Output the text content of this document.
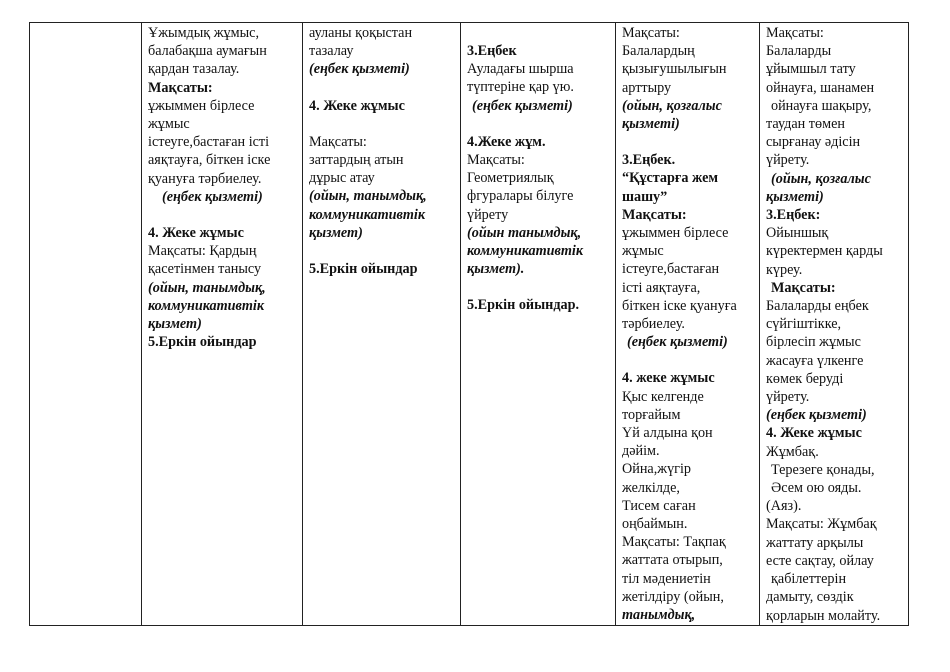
Ұжымдық жұмыс,
балабақша аумағын
қардан тазалау.
Мақсаты:
ұжыммен бірлесе
жұмыс
істеуге,бастаған істі
аяқтауға, біткен іске
қуануға тәрбиелеу.
(еңбек қызметі)
4. Жеке жұмыс
Мақсаты: Қардың
қасетінмен танысу
(ойын, танымдық,
коммуникативтік
қызмет)
5.Еркін ойындар

ауланы қоқыстан
тазалау
(еңбек қызметі)
4. Жеке жұмыс
Мақсаты:
заттардың атын
дұрыс атау
(ойын, танымдық,
коммуникативтік
қызмет)
5.Еркін ойындар

3.Еңбек
Ауладағы шырша
түптеріне қар үю.
(еңбек қызметі)
4.Жеке жұм.
Мақсаты:
Геометриялық
фгуралары білуге
үйрету
(ойын танымдық,
коммуникативтік
қызмет).
5.Еркін ойындар.

Мақсаты:
Балалардың
қызығушылығын
арттыру
(ойын, қозғалыс
қызметі)
3.Еңбек.
“Құстарға жем
шашу”
Мақсаты:
ұжыммен бірлесе
жұмыс
істеуге,бастаған
істі аяқтауға,
біткен іске қуануға
тәрбиелеу.
(еңбек қызметі)
4. жеке жұмыс
Қыс келгенде
торғайым
Үй алдына қон
дәйім.
Ойна,жүгір
желкілде,
Тисем саған
оңбаймын.
Мақсаты: Тақпақ
жаттата отырып,
тіл мәдениетін
жетілдіру (ойын,
танымдық,

Мақсаты:
Балаларды
ұйымшыл тату
ойнауға, шанамен
ойнауға шақыру,
таудан төмен
сырғанау әдісін
үйрету.
(ойын, қозғалыс
қызметі)
3.Еңбек:
Ойыншық
күректермен қарды
күреу.
Мақсаты:
Балаларды еңбек
сүйгіштікке,
бірлесіп жұмыс
жасауға үлкенге
көмек беруді
үйрету.
(еңбек қызметі)
4. Жеке жұмыс
Жұмбақ.
Терезеге қонады,
Әсем ою ояды.
(Аяз).
Мақсаты: Жұмбақ
жаттату арқылы
есте сақтау, ойлау
қабілеттерін
дамыту, сөздік
қорларын молайту.
